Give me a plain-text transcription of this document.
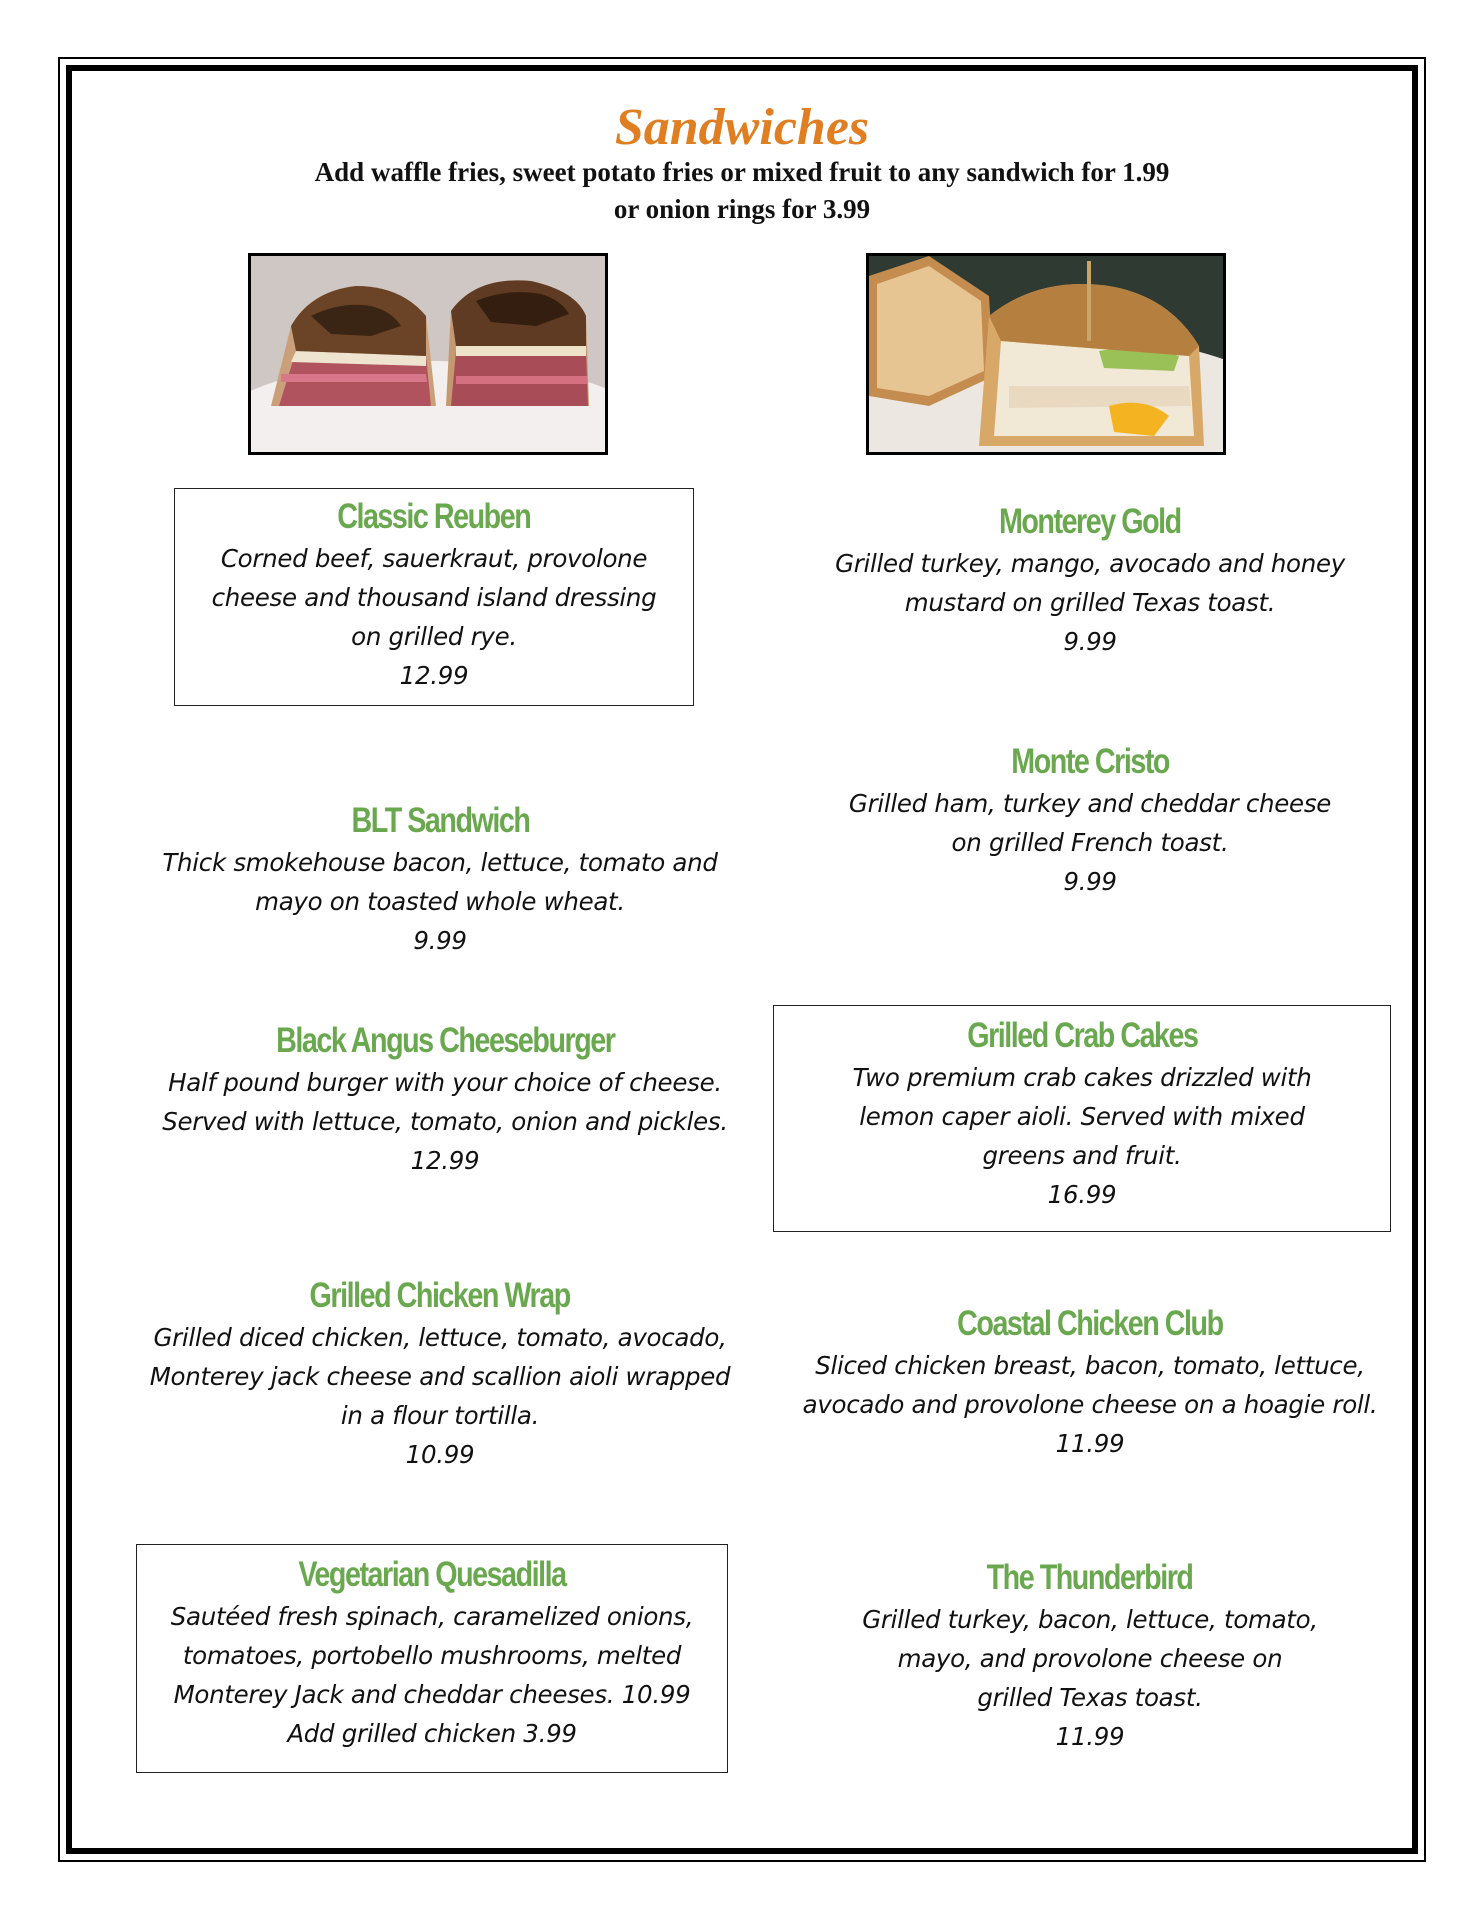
Sandwiches
Add waffle fries, sweet potato fries or mixed fruit to any sandwich for 1.99
or onion rings for 3.99
Classic Reuben
Corned beef, sauerkraut, provolone
cheese and thousand island dressing
on grilled rye.
12.99
Monterey Gold
Grilled turkey, mango, avocado and honey
mustard on grilled Texas toast.
9.99
Monte Cristo
Grilled ham, turkey and cheddar cheese
on grilled French toast.
9.99
BLT Sandwich
Thick smokehouse bacon, lettuce, tomato and
mayo on toasted whole wheat.
9.99
Black Angus Cheeseburger
Half pound burger with your choice of cheese.
Served with lettuce, tomato, onion and pickles.
12.99
Grilled Crab Cakes
Two premium crab cakes drizzled with
lemon caper aioli. Served with mixed
greens and fruit.
16.99
Grilled Chicken Wrap
Grilled diced chicken, lettuce, tomato, avocado,
Monterey jack cheese and scallion aioli wrapped
in a flour tortilla.
10.99
Coastal Chicken Club
Sliced chicken breast, bacon, tomato, lettuce,
avocado and provolone cheese on a hoagie roll.
11.99
Vegetarian Quesadilla
Sautéed fresh spinach, caramelized onions,
tomatoes, portobello mushrooms, melted
Monterey Jack and cheddar cheeses. 10.99
Add grilled chicken 3.99
The Thunderbird
Grilled turkey, bacon, lettuce, tomato,
mayo, and provolone cheese on
grilled Texas toast.
11.99
